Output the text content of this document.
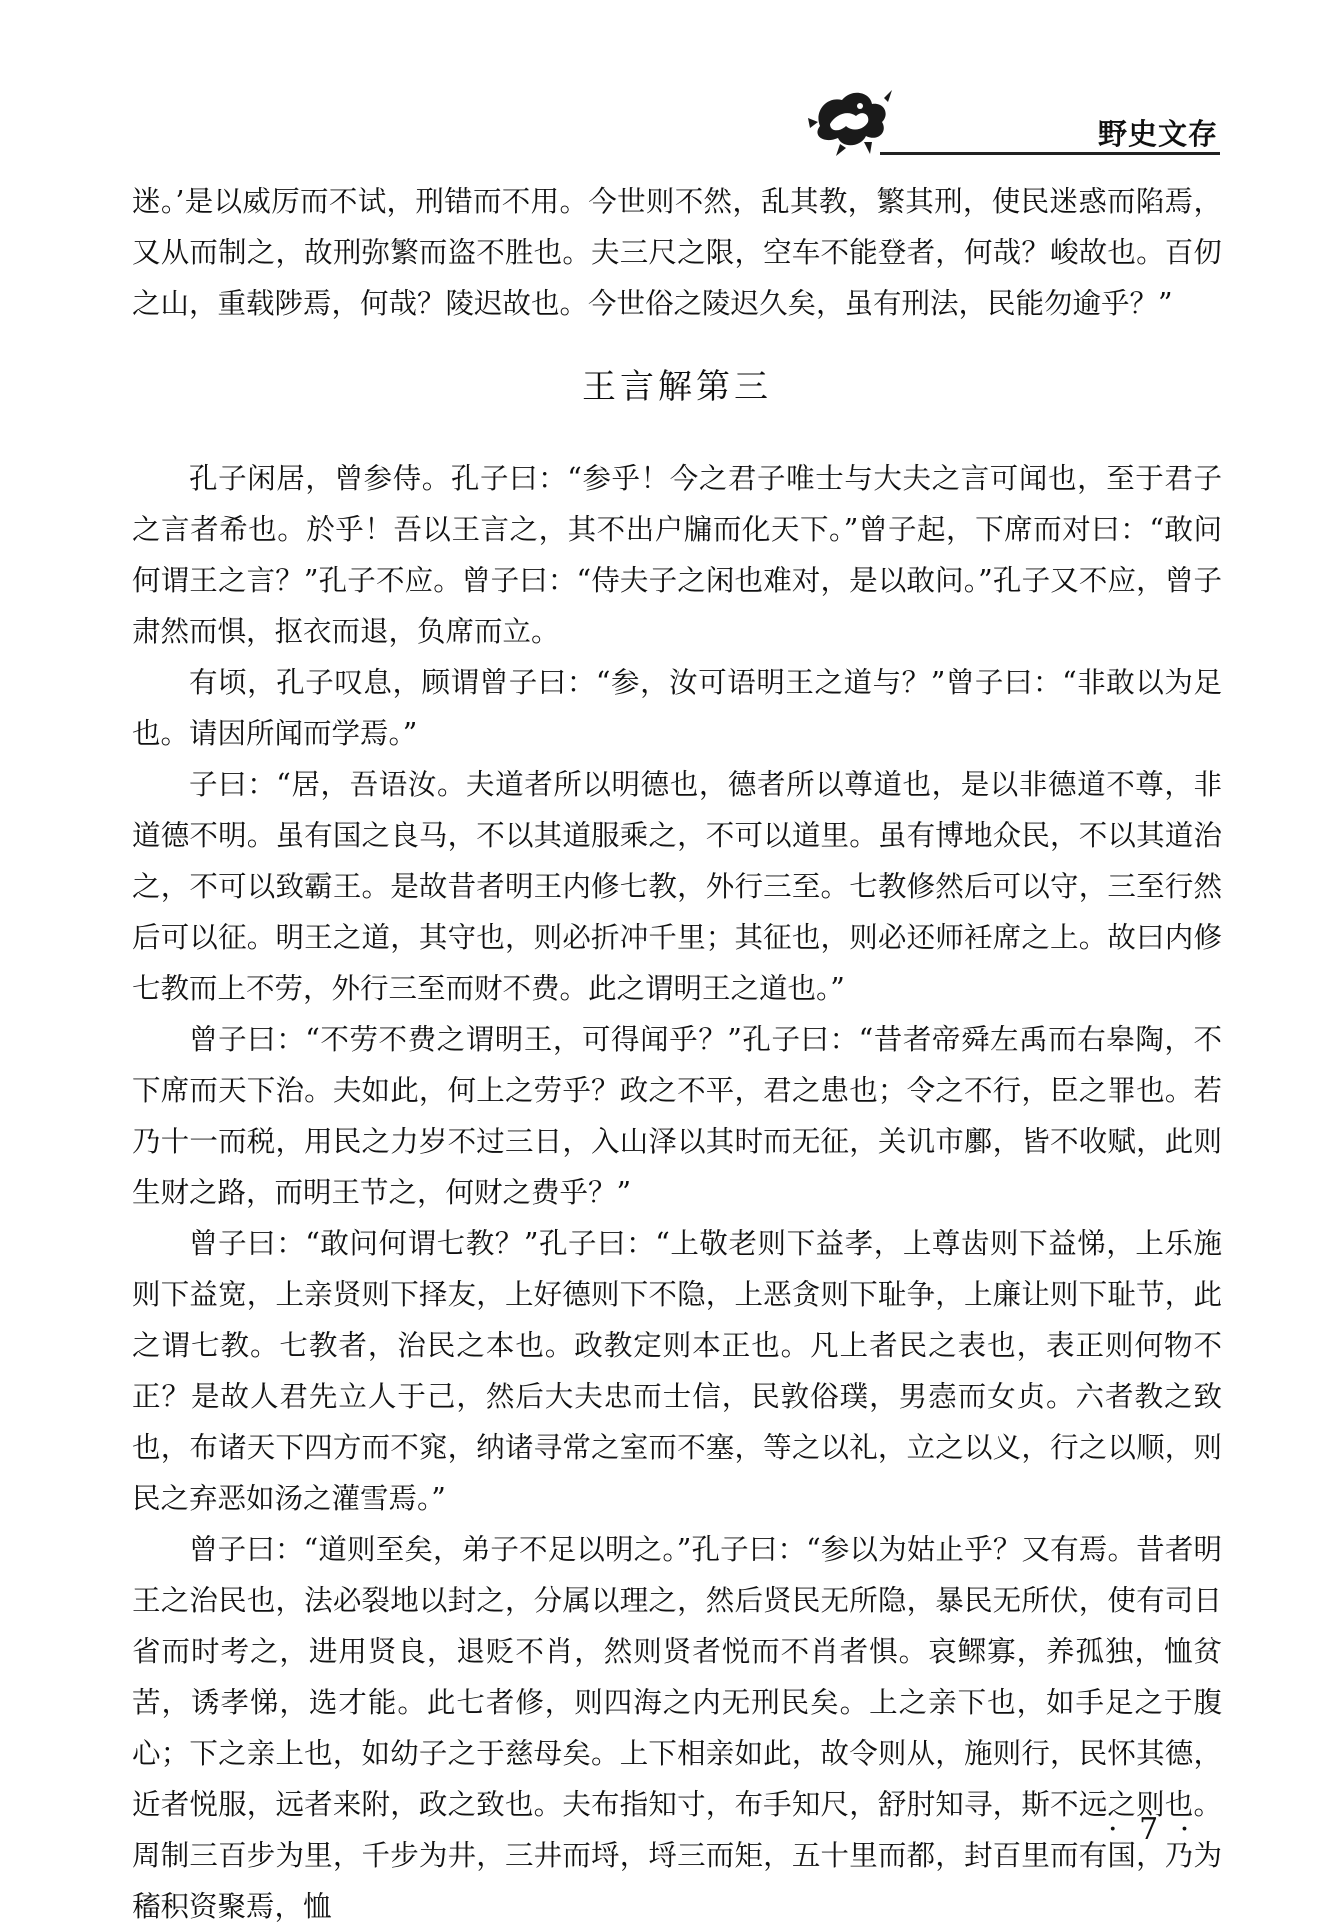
野史文存

迷。’是以威厉而不试，刑错而不用。今世则不然，乱其教，繁其刑，使民迷惑而陷焉，又从而制之，故刑弥繁而盗不胜也。夫三尺之限，空车不能登者，何哉？峻故也。百仞之山，重载陟焉，何哉？陵迟故也。今世俗之陵迟久矣，虽有刑法，民能勿逾乎？”

王言解第三

孔子闲居，曾参侍。孔子曰：“参乎！今之君子唯士与大夫之言可闻也，至于君子之言者希也。於乎！吾以王言之，其不出户牖而化天下。”曾子起，下席而对曰：“敢问何谓王之言？”孔子不应。曾子曰：“侍夫子之闲也难对，是以敢问。”孔子又不应，曾子肃然而惧，抠衣而退，负席而立。

有顷，孔子叹息，顾谓曾子曰：“参，汝可语明王之道与？”曾子曰：“非敢以为足也。请因所闻而学焉。”

子曰：“居，吾语汝。夫道者所以明德也，德者所以尊道也，是以非德道不尊，非道德不明。虽有国之良马，不以其道服乘之，不可以道里。虽有博地众民，不以其道治之，不可以致霸王。是故昔者明王内修七教，外行三至。七教修然后可以守，三至行然后可以征。明王之道，其守也，则必折冲千里；其征也，则必还师衽席之上。故曰内修七教而上不劳，外行三至而财不费。此之谓明王之道也。”

曾子曰：“不劳不费之谓明王，可得闻乎？”孔子曰：“昔者帝舜左禹而右皋陶，不下席而天下治。夫如此，何上之劳乎？政之不平，君之患也；令之不行，臣之罪也。若乃十一而税，用民之力岁不过三日，入山泽以其时而无征，关讥市鄽，皆不收赋，此则生财之路，而明王节之，何财之费乎？”

曾子曰：“敢问何谓七教？”孔子曰：“上敬老则下益孝，上尊齿则下益悌，上乐施则下益宽，上亲贤则下择友，上好德则下不隐，上恶贪则下耻争，上廉让则下耻节，此之谓七教。七教者，治民之本也。政教定则本正也。凡上者民之表也，表正则何物不正？是故人君先立人于己，然后大夫忠而士信，民敦俗璞，男悫而女贞。六者教之致也，布诸天下四方而不窕，纳诸寻常之室而不塞，等之以礼，立之以义，行之以顺，则民之弃恶如汤之灌雪焉。”

曾子曰：“道则至矣，弟子不足以明之。”孔子曰：“参以为姑止乎？又有焉。昔者明王之治民也，法必裂地以封之，分属以理之，然后贤民无所隐，暴民无所伏，使有司日省而时考之，进用贤良，退贬不肖，然则贤者悦而不肖者惧。哀鳏寡，养孤独，恤贫苦，诱孝悌，选才能。此七者修，则四海之内无刑民矣。上之亲下也，如手足之于腹心；下之亲上也，如幼子之于慈母矣。上下相亲如此，故令则从，施则行，民怀其德，近者悦服，远者来附，政之致也。夫布指知寸，布手知尺，舒肘知寻，斯不远之则也。周制三百步为里，千步为井，三井而埒，埒三而矩，五十里而都，封百里而有国，乃为稸积资聚焉，恤

· 7 ·
